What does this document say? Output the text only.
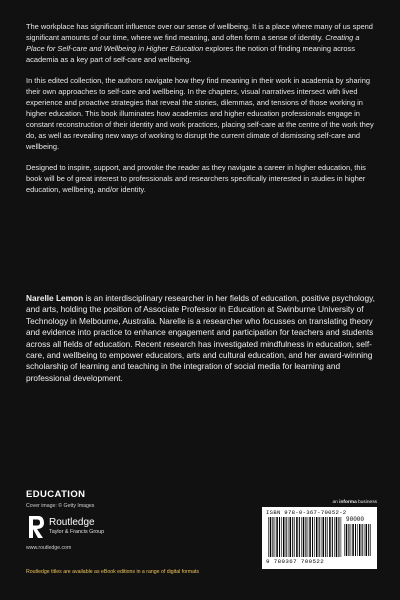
The workplace has significant influence over our sense of wellbeing. It is a place where many of us spend significant amounts of our time, where we find meaning, and often form a sense of identity. Creating a Place for Self-care and Wellbeing in Higher Education explores the notion of finding meaning across academia as a key part of self-care and wellbeing.

In this edited collection, the authors navigate how they find meaning in their work in academia by sharing their own approaches to self-care and wellbeing. In the chapters, visual narratives intersect with lived experience and proactive strategies that reveal the stories, dilemmas, and tensions of those working in higher education. This book illuminates how academics and higher education professionals engage in constant reconstruction of their identity and work practices, placing self-care at the centre of the work they do, as well as revealing new ways of working to disrupt the current climate of dismissing self-care and wellbeing.

Designed to inspire, support, and provoke the reader as they navigate a career in higher education, this book will be of great interest to professionals and researchers specifically interested in studies in higher education, wellbeing, and/or identity.

Narelle Lemon is an interdisciplinary researcher in her fields of education, positive psychology, and arts, holding the position of Associate Professor in Education at Swinburne University of Technology in Melbourne, Australia. Narelle is a researcher who focusses on translating theory and evidence into practice to enhance engagement and participation for teachers and students across all fields of education. Recent research has investigated mindfulness in education, self-care, and wellbeing to empower educators, arts and cultural education, and her award-winning scholarship of learning and teaching in the integration of social media for learning and professional development.

EDUCATION
Cover image: © Getty Images
Routledge
Taylor & Francis Group
www.routledge.com
Routledge titles are available as eBook editions in a range of digital formats
an informa business
ISBN 978-0-367-70052-2
90000
9 780367 700522
